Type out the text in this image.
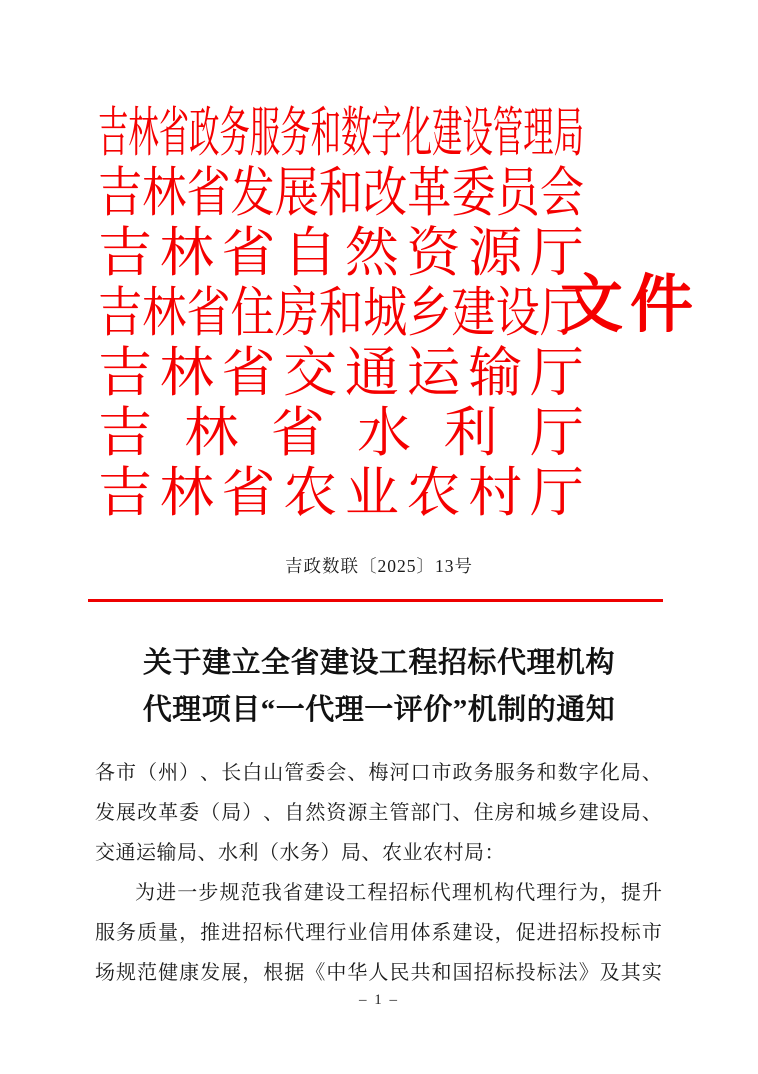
吉林省政务服务和数字化建设管理局
吉林省发展和改革委员会
吉 林 省 自 然 资 源 厅
吉林省住房和城乡建设厅
吉 林 省 交 通 运 输 厅
吉 林 省 水 利 厅
吉 林 省 农 业 农 村 厅
文件
吉政数联〔2025〕13号
关于建立全省建设工程招标代理机构
代理项目“一代理一评价”机制的通知
各 市 （ 州 ） 、 长 白 山 管 委 会 、 梅 河 口 市 政 务 服 务 和 数 字 化 局 、
发 展 改 革 委 （ 局 ） 、 自 然 资 源 主 管 部 门 、 住 房 和 城 乡 建 设 局 、
交通运输局、水利（水务）局、农业农村局：
为 进 一 步 规 范 我 省 建 设 工 程 招 标 代 理 机 构 代 理 行 为 ， 提 升
服 务 质 量 ， 推 进 招 标 代 理 行 业 信 用 体 系 建 设 ， 促 进 招 标 投 标 市
场 规 范 健 康 发 展 ， 根 据 《 中 华 人 民 共 和 国 招 标 投 标 法 》 及 其 实
– 1 –
